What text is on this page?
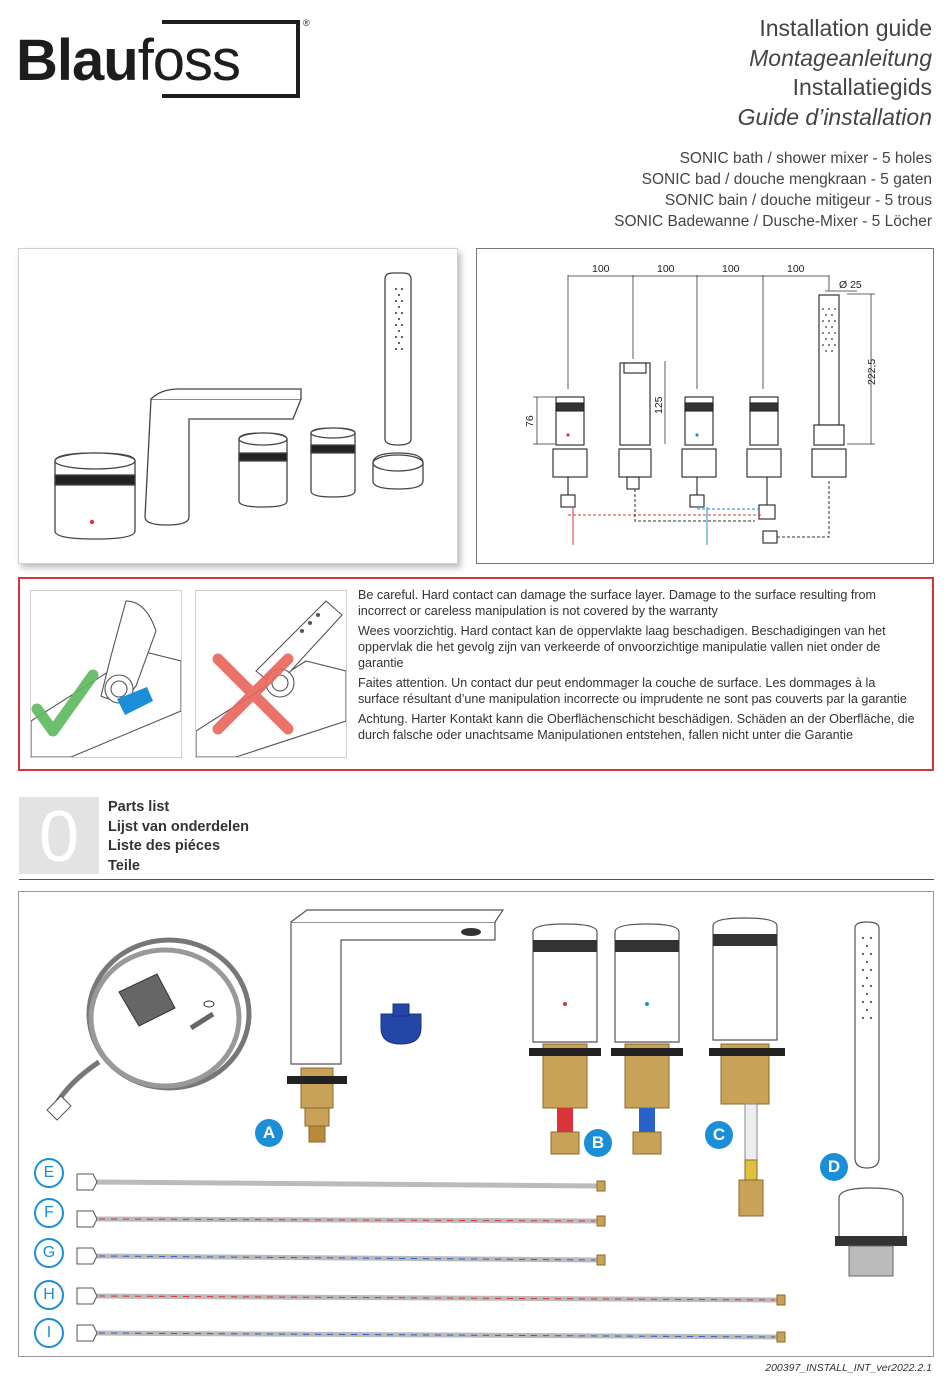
Blaufoss
®	Installation guide
Montageanleitung
Installatiegids
Guide d’installation
SONIC bath / shower mixer - 5 holes
SONIC bad / douche mengkraan - 5 gaten
SONIC bain / douche mitigeur - 5 trous
SONIC Badewanne / Dusche-Mixer - 5 Löcher
100	100	100	100
Ø 25
222,5
125
76

Be careful. Hard contact can damage the surface layer. Damage to the surface resulting from incorrect or careless manipulation is not covered by the warranty

Wees voorzichtig. Hard contact kan de oppervlakte laag beschadigen. Beschadigingen van het oppervlak die het gevolg zijn van verkeerde of onvoorzichtige manipulatie vallen niet onder de garantie

Faites attention. Un contact dur peut endommager la couche de surface. Les dommages à la surface résultant d’une manipulation incorrecte ou imprudente ne sont pas couverts par la garantie

Achtung. Harter Kontakt kann die Oberflächenschicht beschädigen. Schäden an der Oberfläche, die durch falsche oder unachtsame Manipulationen entstehen, fallen nicht unter die Garantie

0	Parts list
Lijst van onderdelen
Liste des piéces
Teile
A
B	C
D
E
F
G
H
I
200397_INSTALL_INT_ver2022.2.1
